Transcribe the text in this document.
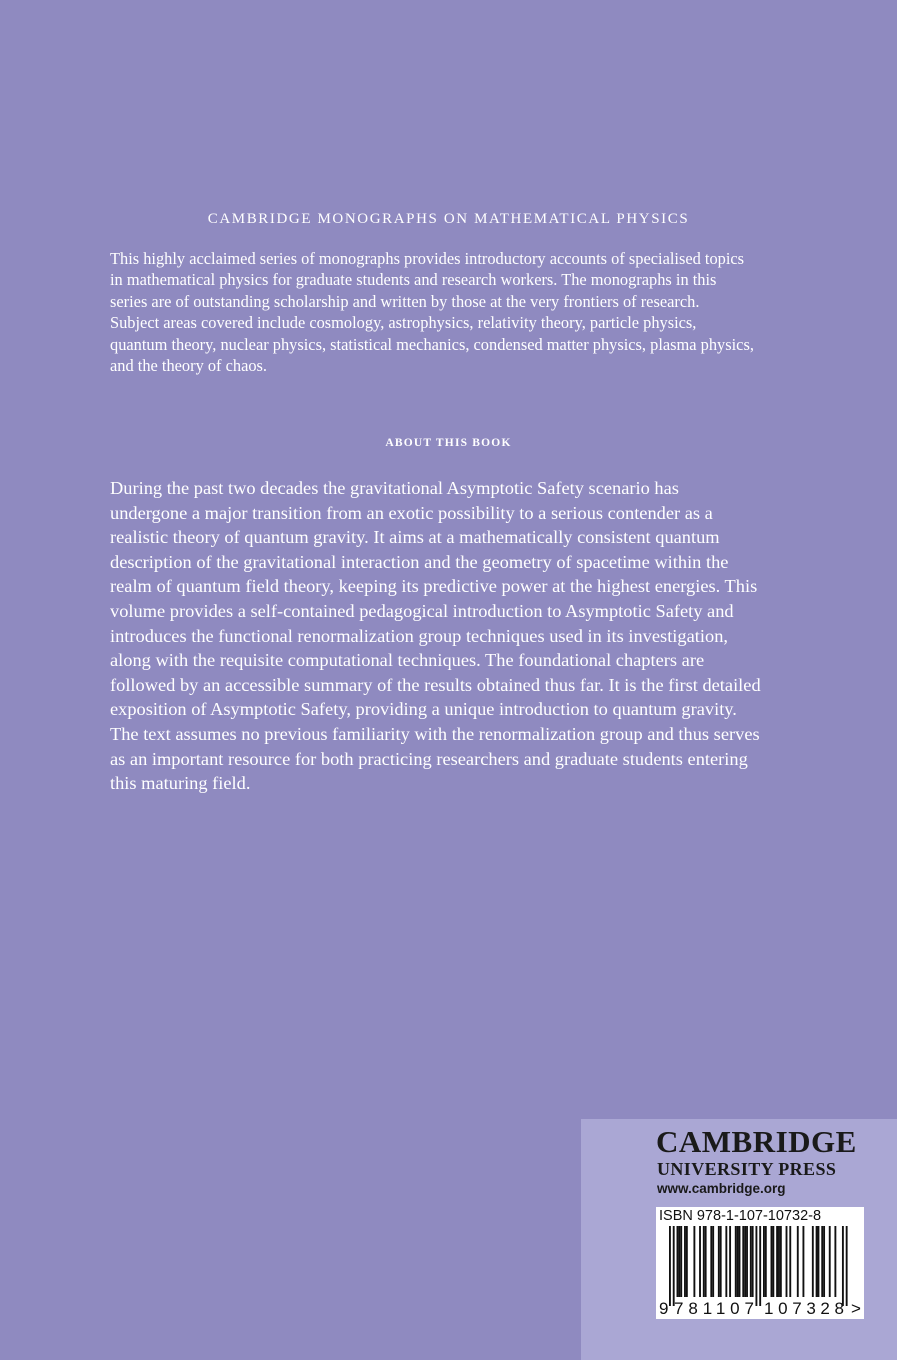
CAMBRIDGE MONOGRAPHS ON MATHEMATICAL PHYSICS

This highly acclaimed series of monographs provides introductory accounts of specialised topics
in mathematical physics for graduate students and research workers. The monographs in this
series are of outstanding scholarship and written by those at the very frontiers of research.
Subject areas covered include cosmology, astrophysics, relativity theory, particle physics,
quantum theory, nuclear physics, statistical mechanics, condensed matter physics, plasma physics,
and the theory of chaos.

ABOUT THIS BOOK

During the past two decades the gravitational Asymptotic Safety scenario has
undergone a major transition from an exotic possibility to a serious contender as a
realistic theory of quantum gravity. It aims at a mathematically consistent quantum
description of the gravitational interaction and the geometry of spacetime within the
realm of quantum field theory, keeping its predictive power at the highest energies. This
volume provides a self-contained pedagogical introduction to Asymptotic Safety and
introduces the functional renormalization group techniques used in its investigation,
along with the requisite computational techniques. The foundational chapters are
followed by an accessible summary of the results obtained thus far. It is the first detailed
exposition of Asymptotic Safety, providing a unique introduction to quantum gravity.
The text assumes no previous familiarity with the renormalization group and thus serves
as an important resource for both practicing researchers and graduate students entering
this maturing field.

CAMBRIDGE
UNIVERSITY PRESS
www.cambridge.org
ISBN 978-1-107-10732-8
9 781107 107328 >
